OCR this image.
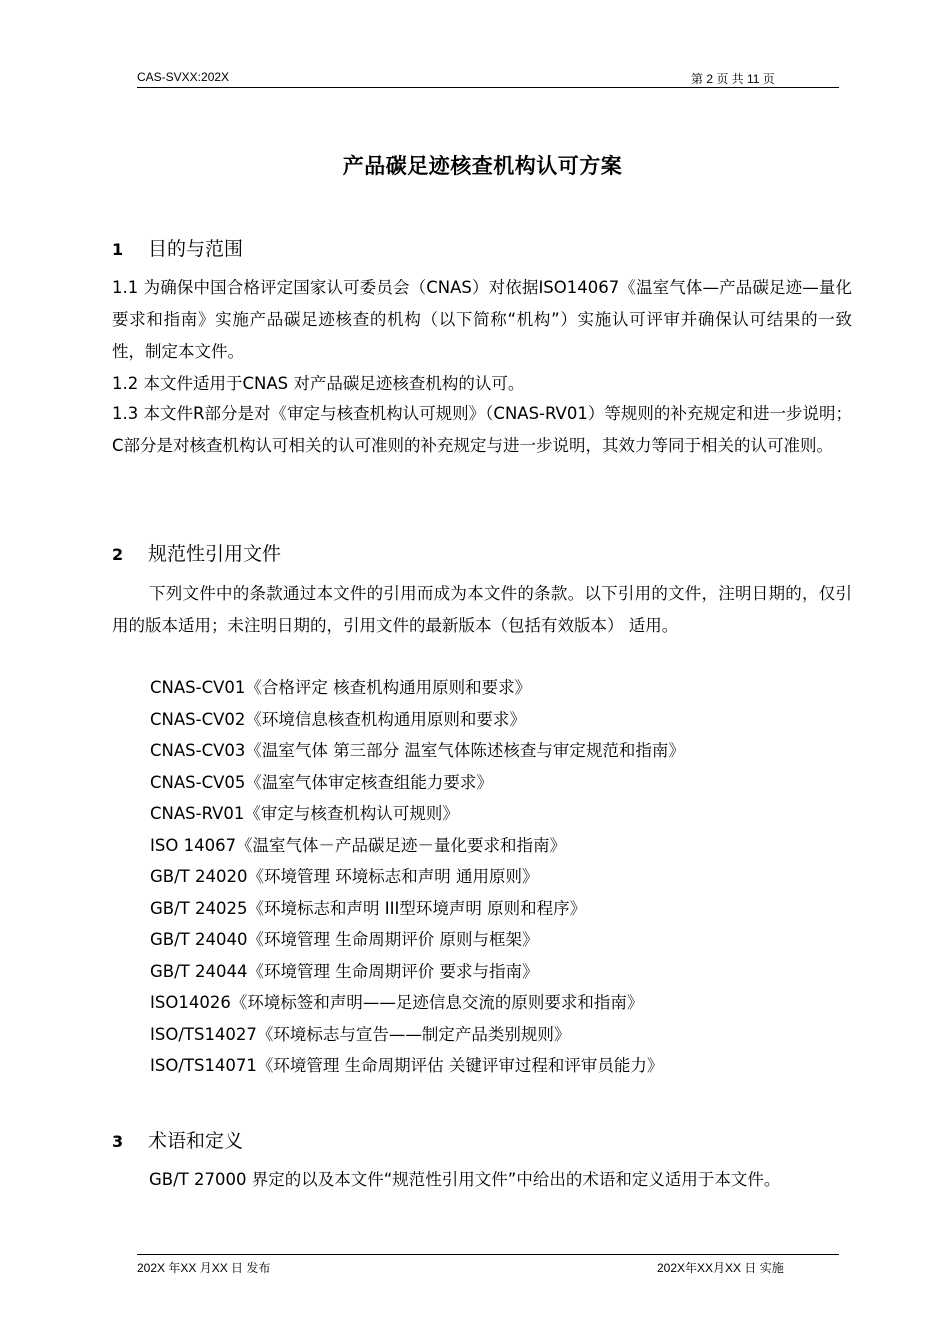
CAS-SVXX:202X	第 2 页 共 11 页
产品碳足迹核查机构认可方案
1 目的与范围
1.1 为确保中国合格评定国家认可委员会（CNAS）对依据ISO14067《温室气体—产品碳足迹—量化要求和指南》实施产品碳足迹核查的机构（以下简称“机构”）实施认可评审并确保认可结果的一致性，制定本文件。
1.2 本文件适用于CNAS 对产品碳足迹核查机构的认可。
1.3 本文件R部分是对《审定与核查机构认可规则》（CNAS-RV01）等规则的补充规定和进一步说明；C部分是对核查机构认可相关的认可准则的补充规定与进一步说明，其效力等同于相关的认可准则。
2 规范性引用文件
下列文件中的条款通过本文件的引用而成为本文件的条款。以下引用的文件，注明日期的，仅引用的版本适用；未注明日期的，引用文件的最新版本（包括有效版本） 适用。
CNAS-CV01《合格评定 核查机构通用原则和要求》
CNAS-CV02《环境信息核查机构通用原则和要求》
CNAS-CV03《温室气体 第三部分 温室气体陈述核查与审定规范和指南》
CNAS-CV05《温室气体审定核查组能力要求》
CNAS-RV01《审定与核查机构认可规则》
ISO 14067《温室气体－产品碳足迹－量化要求和指南》
GB/T 24020《环境管理 环境标志和声明 通用原则》
GB/T 24025《环境标志和声明 III型环境声明 原则和程序》
GB/T 24040《环境管理 生命周期评价 原则与框架》
GB/T 24044《环境管理 生命周期评价 要求与指南》
ISO14026《环境标签和声明——足迹信息交流的原则要求和指南》
ISO/TS14027《环境标志与宣告——制定产品类别规则》
ISO/TS14071《环境管理 生命周期评估 关键评审过程和评审员能力》
3 术语和定义
GB/T 27000 界定的以及本文件“规范性引用文件”中给出的术语和定义适用于本文件。
202X 年XX 月XX 日 发布	202X年XX月XX 日 实施
